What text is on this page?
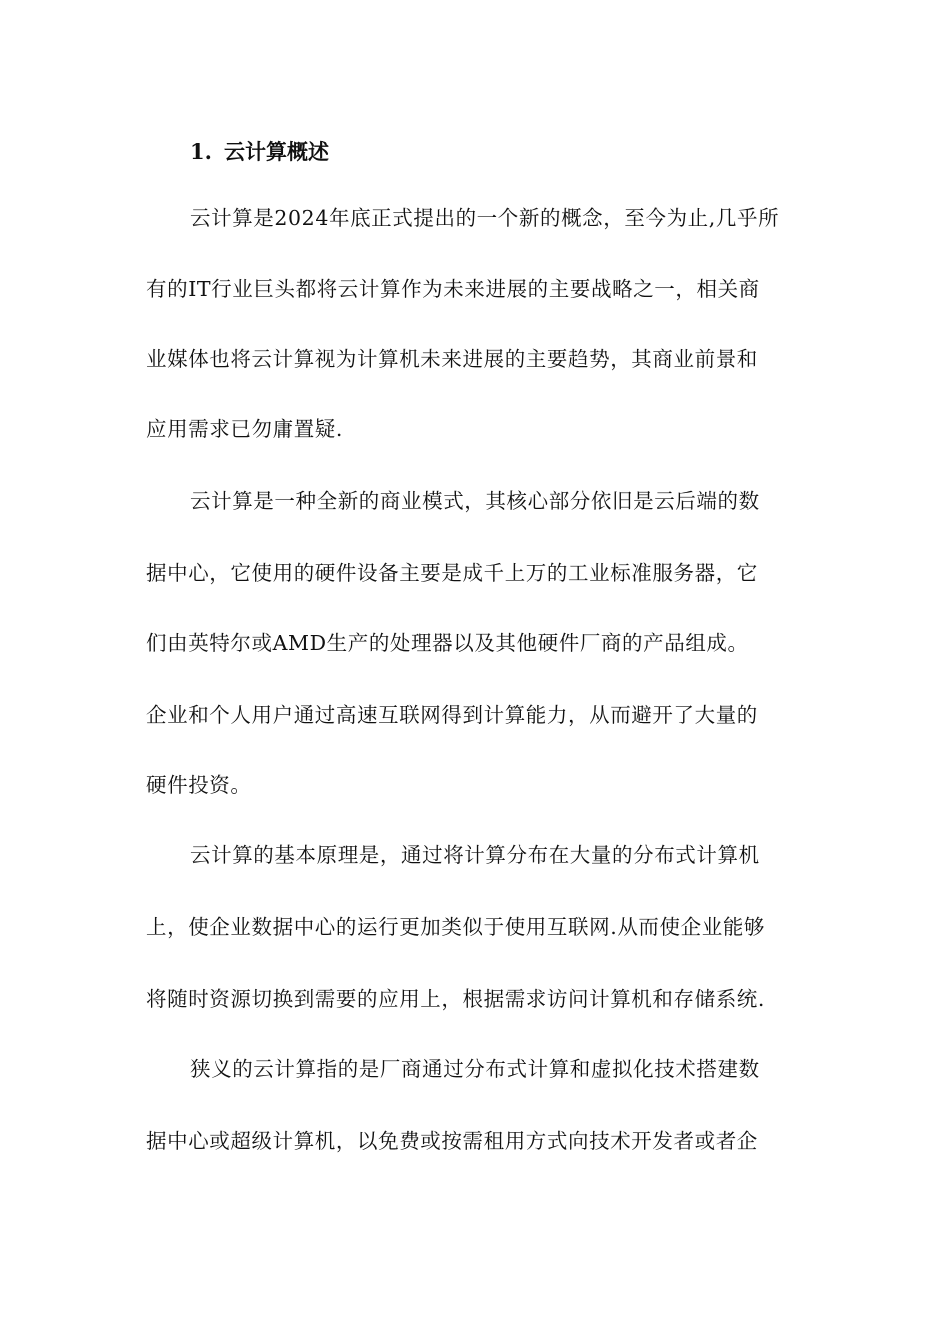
1. 云计算概述
云计算是2024年底正式提出的一个新的概念，至今为止,几乎所
有的IT行业巨头都将云计算作为未来进展的主要战略之一，相关商
业媒体也将云计算视为计算机未来进展的主要趋势，其商业前景和
应用需求已勿庸置疑.
云计算是一种全新的商业模式，其核心部分依旧是云后端的数
据中心，它使用的硬件设备主要是成千上万的工业标准服务器，它
们由英特尔或AMD生产的处理器以及其他硬件厂商的产品组成。
企业和个人用户通过高速互联网得到计算能力，从而避开了大量的
硬件投资。
云计算的基本原理是，通过将计算分布在大量的分布式计算机
上，使企业数据中心的运行更加类似于使用互联网.从而使企业能够
将随时资源切换到需要的应用上，根据需求访问计算机和存储系统.
狭义的云计算指的是厂商通过分布式计算和虚拟化技术搭建数
据中心或超级计算机，以免费或按需租用方式向技术开发者或者企
